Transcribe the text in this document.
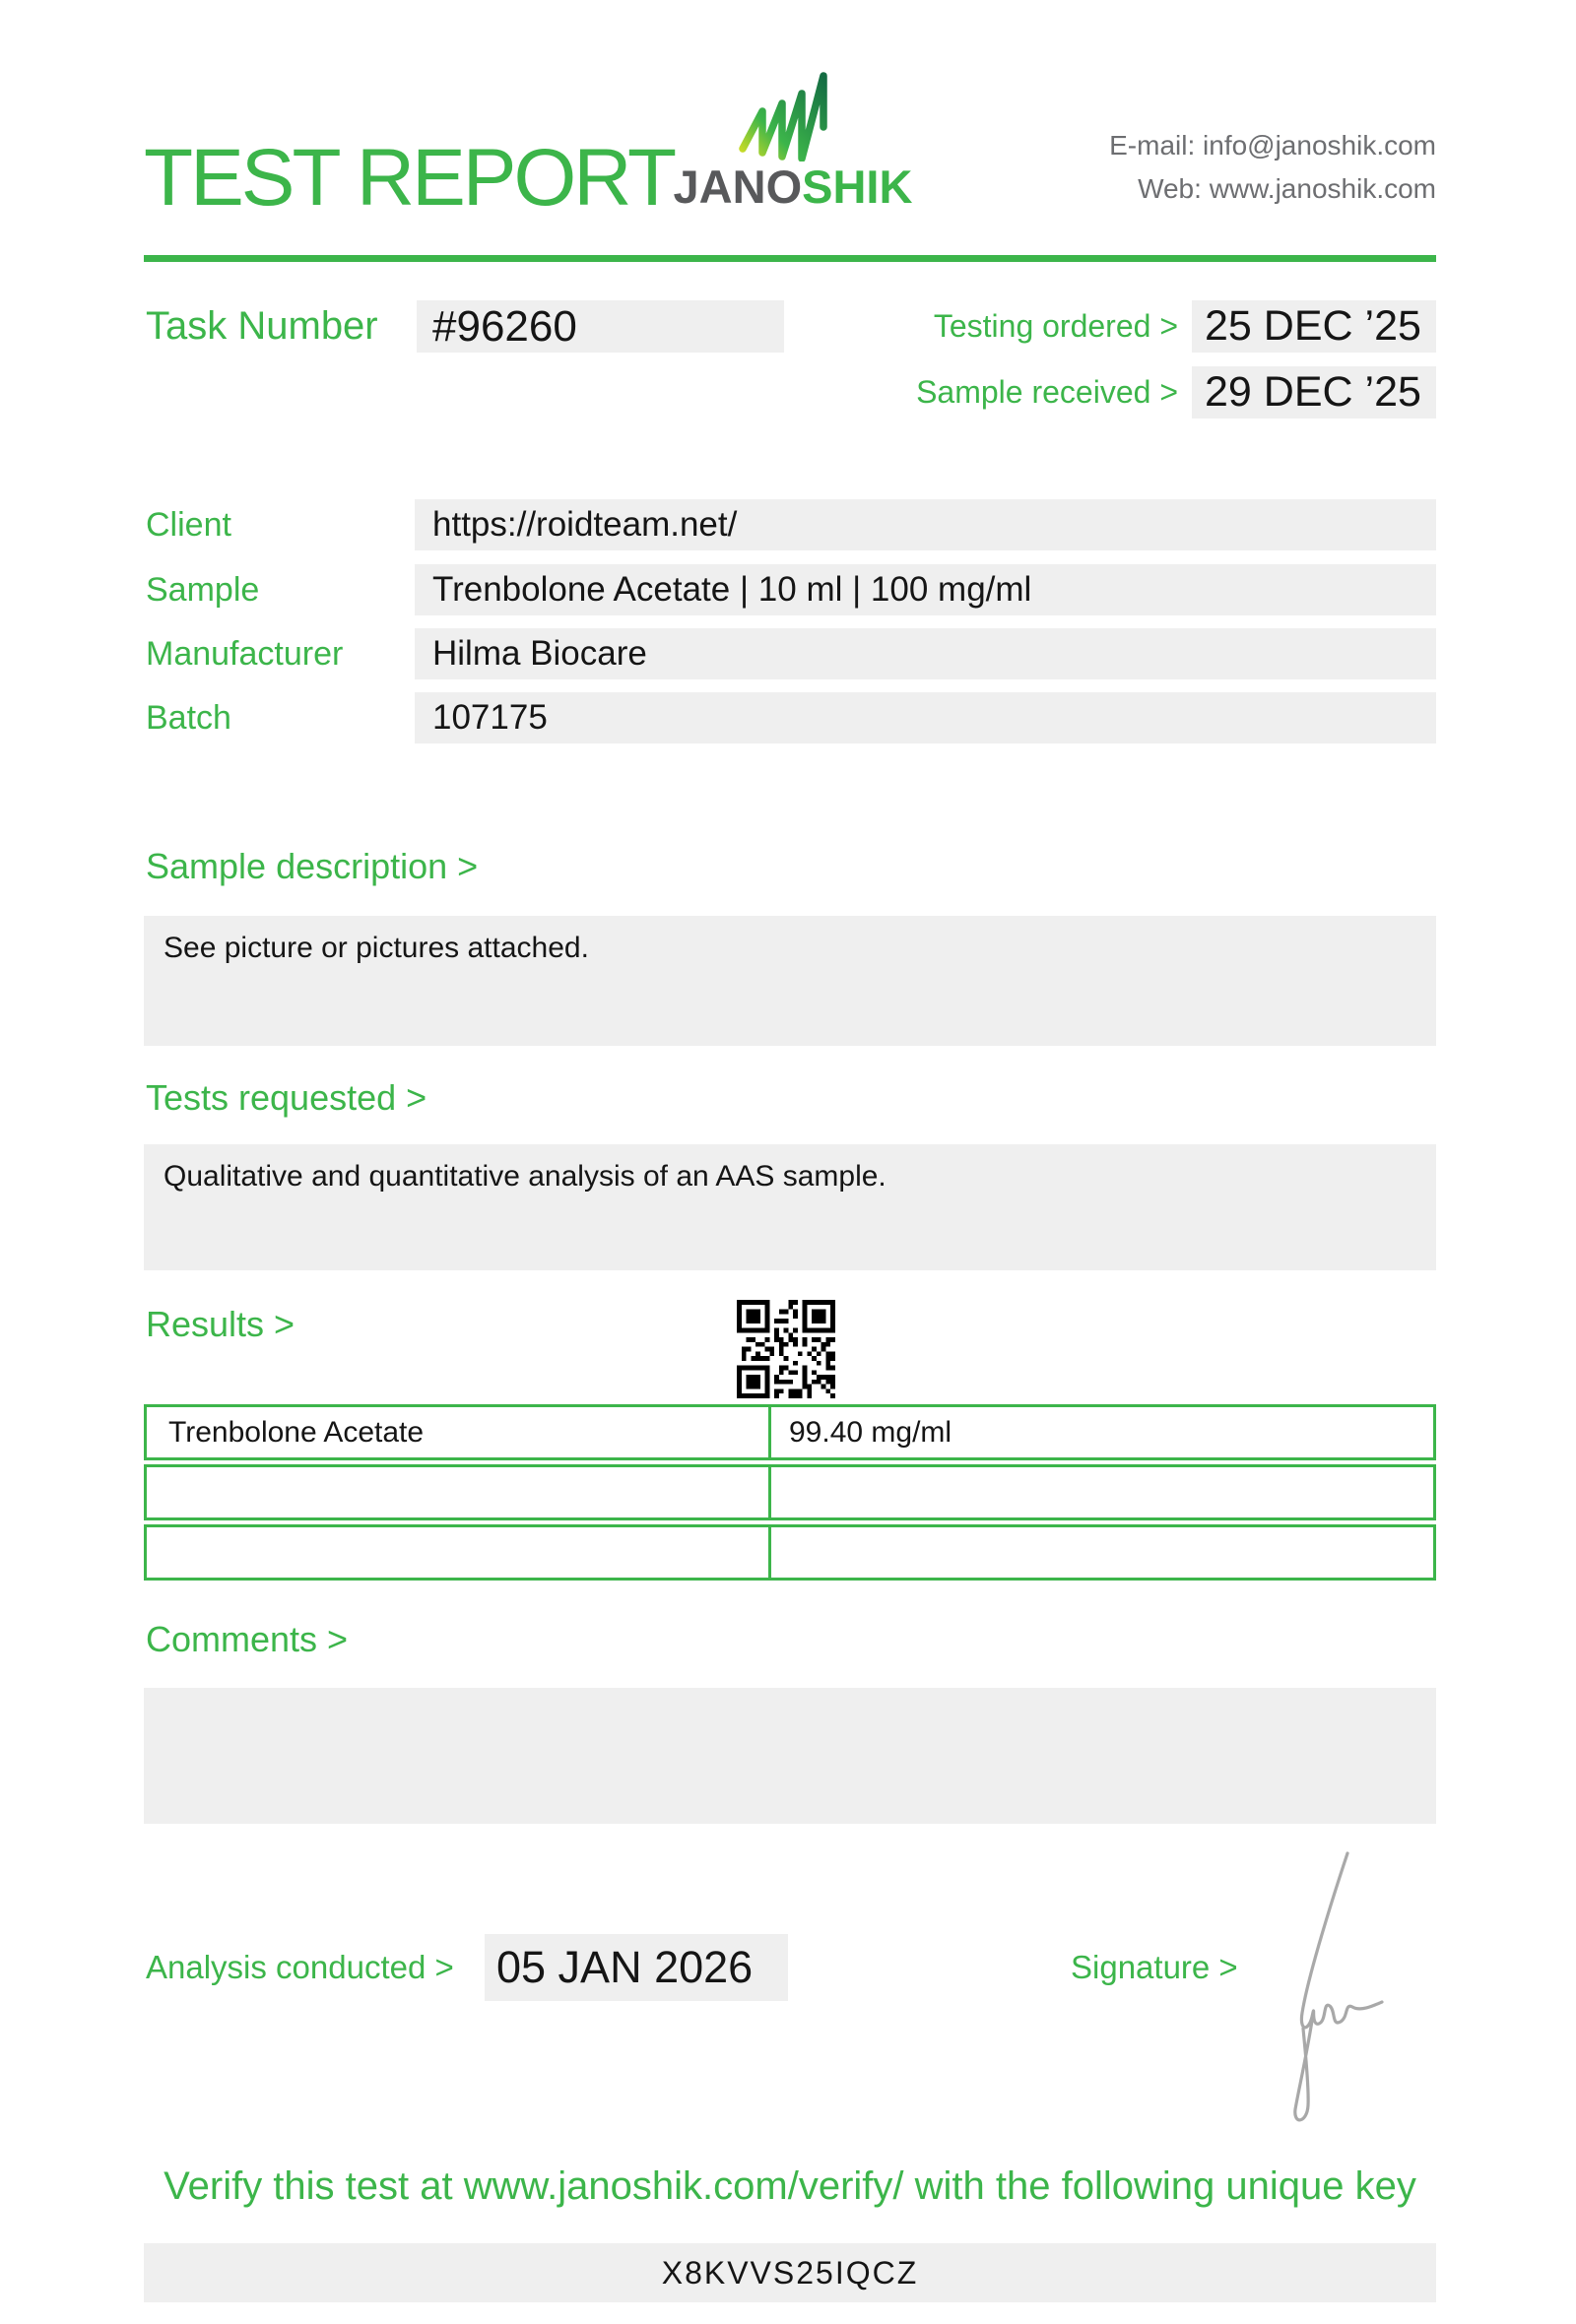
TEST REPORT JANOSHIK
E-mail: info@janoshik.com
Web: www.janoshik.com
Task Number	#96260	Testing ordered > 25 DEC ’25
Sample received > 29 DEC ’25
Client	https://roidteam.net/
Sample	Trenbolone Acetate | 10 ml | 100 mg/ml
Manufacturer	Hilma Biocare
Batch	107175
Sample description >
See picture or pictures attached.
Tests requested >
Qualitative and quantitative analysis of an AAS sample.
Results >
Trenbolone Acetate	99.40 mg/ml
Comments >
Analysis conducted > 05 JAN 2026	Signature >
Verify this test at www.janoshik.com/verify/ with the following unique key
X8KVVS25IQCZ
